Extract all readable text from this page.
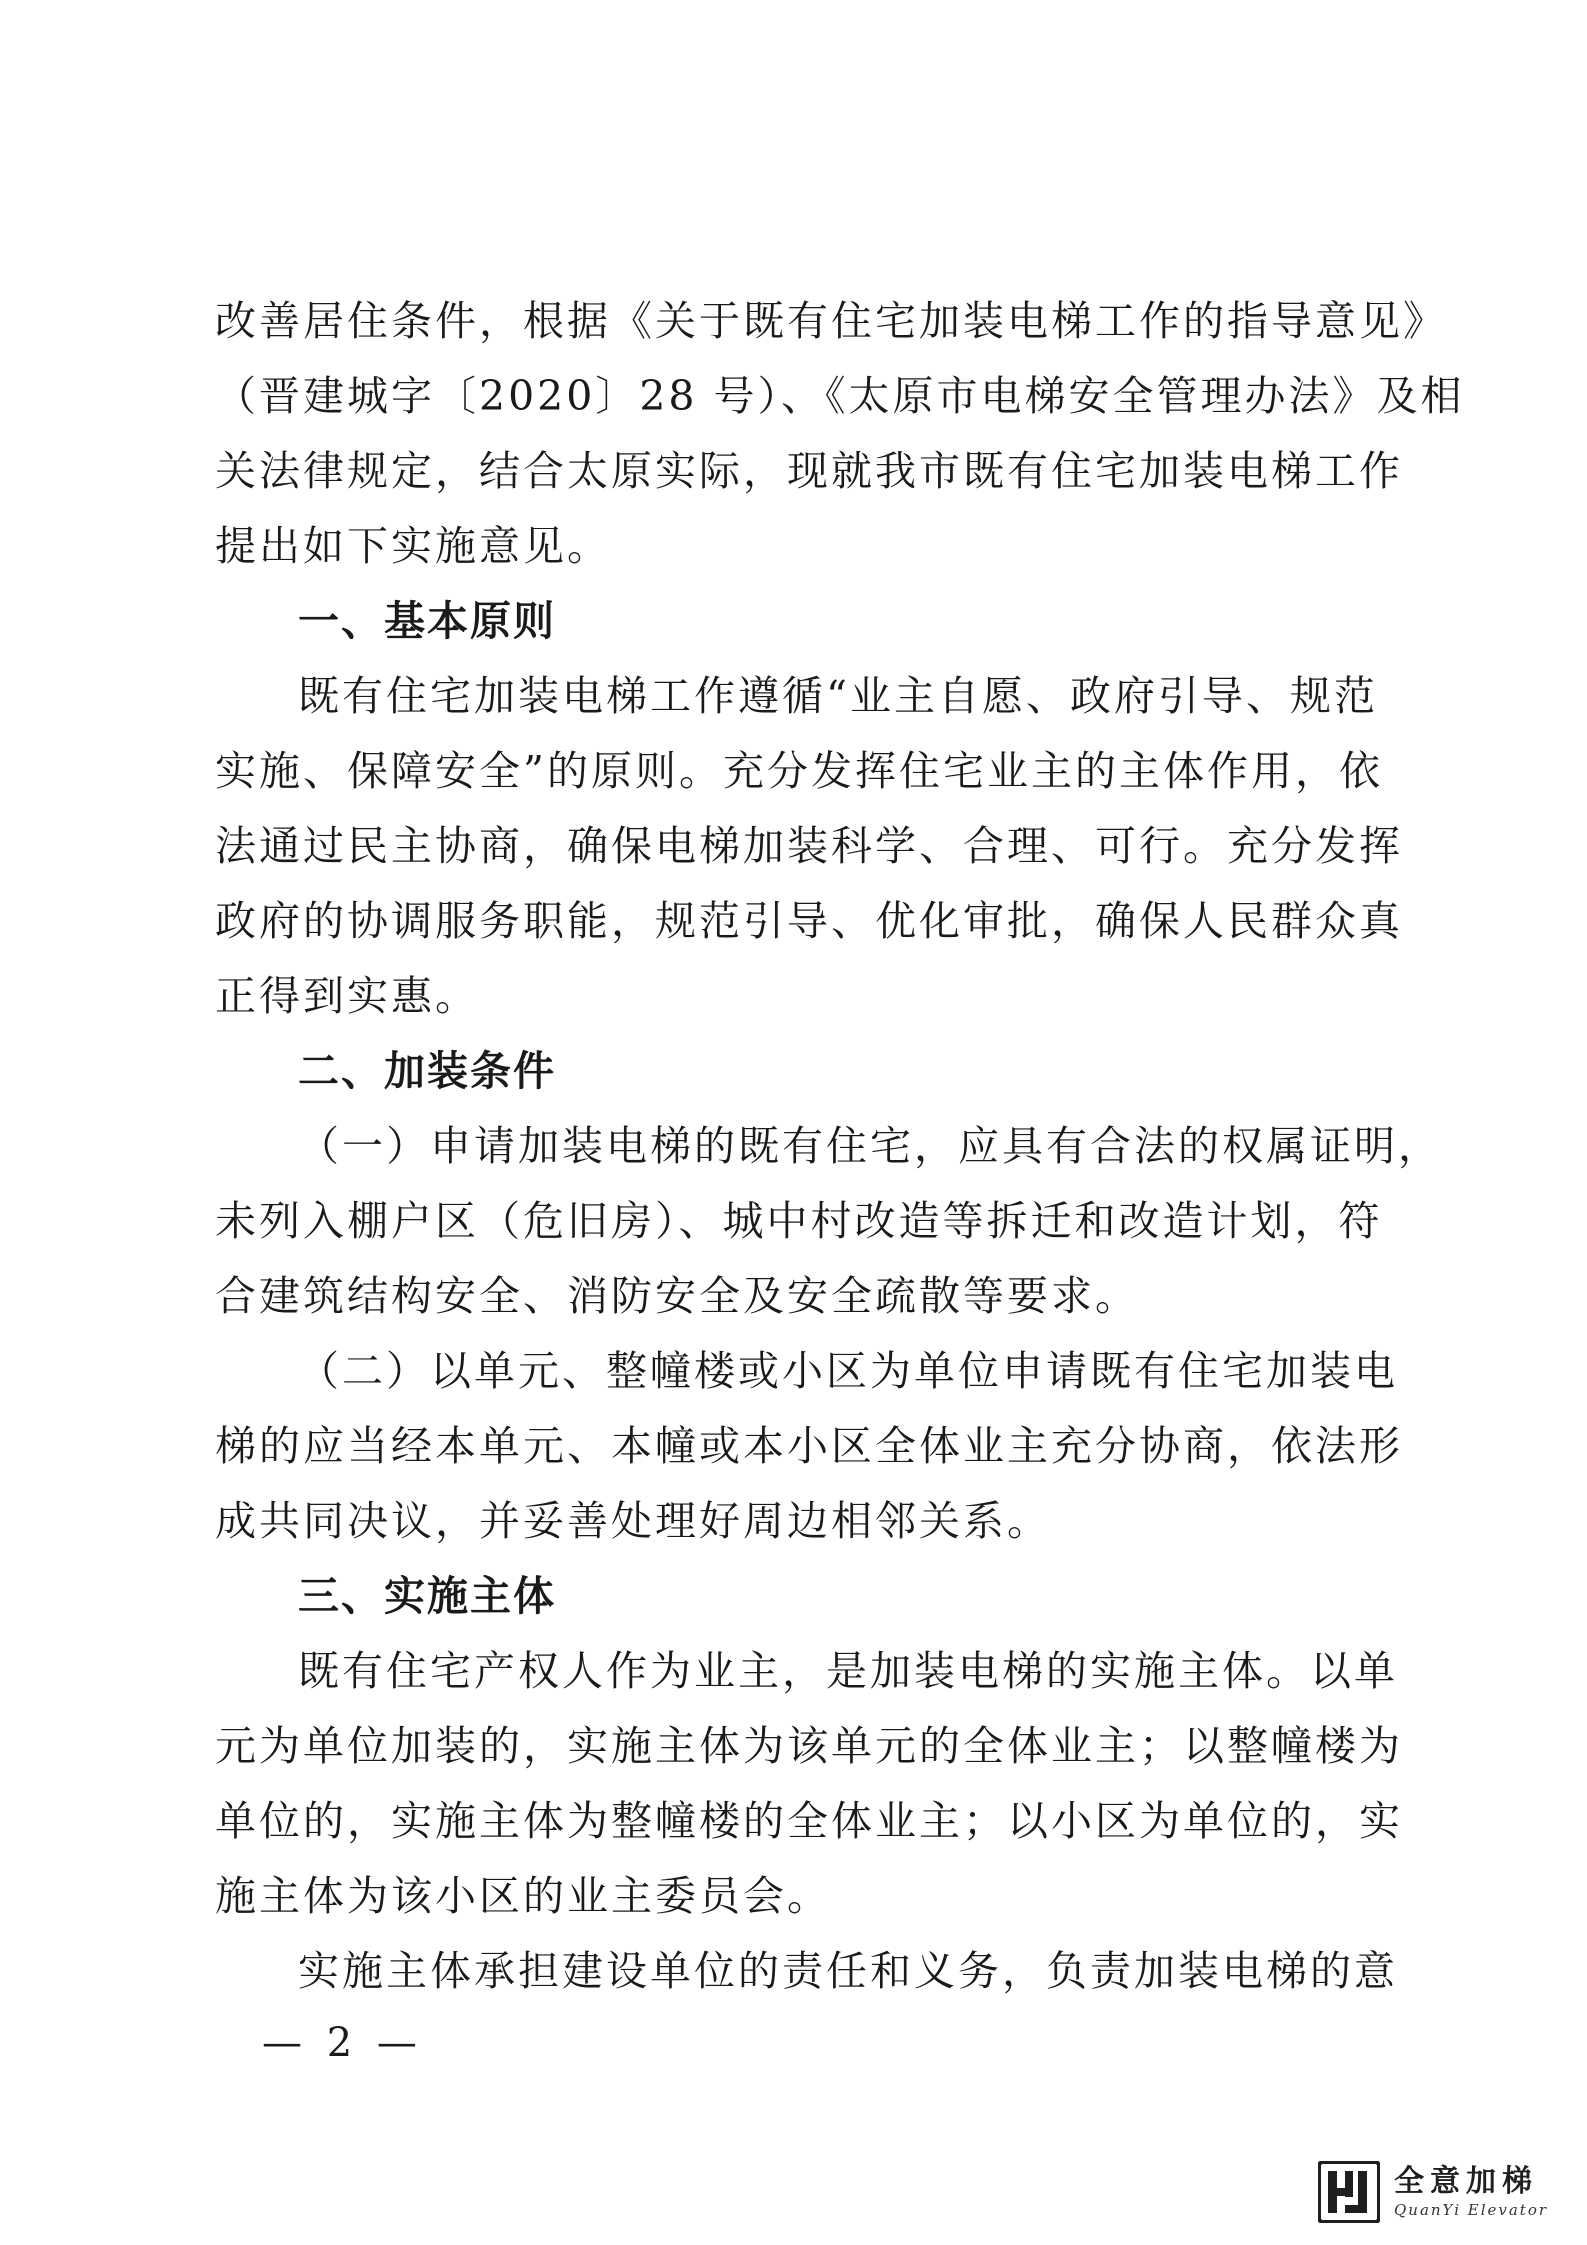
改善居住条件，根据《关于既有住宅加装电梯工作的指导意见》
（晋建城字〔2020〕28 号）、《太原市电梯安全管理办法》及相
关法律规定，结合太原实际，现就我市既有住宅加装电梯工作
提出如下实施意见。
一、基本原则
既有住宅加装电梯工作遵循“业主自愿、政府引导、规范
实施、保障安全”的原则。充分发挥住宅业主的主体作用，依
法通过民主协商，确保电梯加装科学、合理、可行。充分发挥
政府的协调服务职能，规范引导、优化审批，确保人民群众真
正得到实惠。
二、加装条件
（一）申请加装电梯的既有住宅，应具有合法的权属证明，
未列入棚户区（危旧房）、城中村改造等拆迁和改造计划，符
合建筑结构安全、消防安全及安全疏散等要求。
（二）以单元、整幢楼或小区为单位申请既有住宅加装电
梯的应当经本单元、本幢或本小区全体业主充分协商，依法形
成共同决议，并妥善处理好周边相邻关系。
三、实施主体
既有住宅产权人作为业主，是加装电梯的实施主体。以单
元为单位加装的，实施主体为该单元的全体业主；以整幢楼为
单位的，实施主体为整幢楼的全体业主；以小区为单位的，实
施主体为该小区的业主委员会。
实施主体承担建设单位的责任和义务，负责加装电梯的意
— 2 —
全意加梯
QuanYi Elevator
